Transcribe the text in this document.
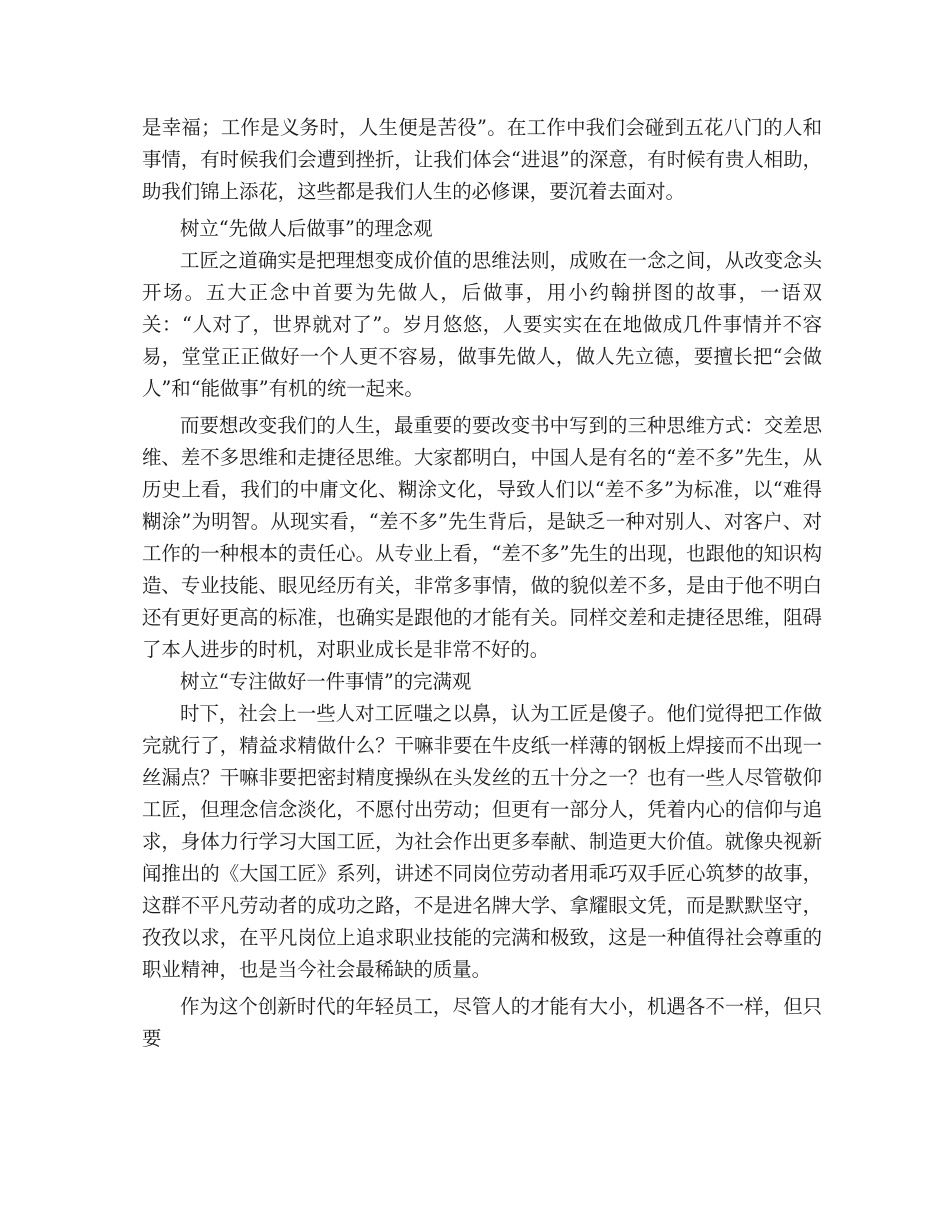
是幸福；工作是义务时，人生便是苦役”。在工作中我们会碰到五花八门的人和事情，有时候我们会遭到挫折，让我们体会“进退”的深意，有时候有贵人相助，助我们锦上添花，这些都是我们人生的必修课，要沉着去面对。

树立“先做人后做事”的理念观

工匠之道确实是把理想变成价值的思维法则，成败在一念之间，从改变念头开场。五大正念中首要为先做人，后做事，用小约翰拼图的故事，一语双关：“人对了，世界就对了”。岁月悠悠，人要实实在在地做成几件事情并不容易，堂堂正正做好一个人更不容易，做事先做人，做人先立德，要擅长把“会做人”和“能做事”有机的统一起来。

而要想改变我们的人生，最重要的要改变书中写到的三种思维方式：交差思维、差不多思维和走捷径思维。大家都明白，中国人是有名的“差不多”先生，从历史上看，我们的中庸文化、糊涂文化，导致人们以“差不多”为标准，以“难得糊涂”为明智。从现实看，“差不多”先生背后，是缺乏一种对别人、对客户、对工作的一种根本的责任心。从专业上看，“差不多”先生的出现，也跟他的知识构造、专业技能、眼见经历有关，非常多事情，做的貌似差不多，是由于他不明白还有更好更高的标准，也确实是跟他的才能有关。同样交差和走捷径思维，阻碍了本人进步的时机，对职业成长是非常不好的。

树立“专注做好一件事情”的完满观

时下，社会上一些人对工匠嗤之以鼻，认为工匠是傻子。他们觉得把工作做完就行了，精益求精做什么？干嘛非要在牛皮纸一样薄的钢板上焊接而不出现一丝漏点？干嘛非要把密封精度操纵在头发丝的五十分之一？也有一些人尽管敬仰工匠，但理念信念淡化，不愿付出劳动；但更有一部分人，凭着内心的信仰与追求，身体力行学习大国工匠，为社会作出更多奉献、制造更大价值。就像央视新闻推出的《大国工匠》系列，讲述不同岗位劳动者用乖巧双手匠心筑梦的故事，这群不平凡劳动者的成功之路，不是进名牌大学、拿耀眼文凭，而是默默坚守，孜孜以求，在平凡岗位上追求职业技能的完满和极致，这是一种值得社会尊重的职业精神，也是当今社会最稀缺的质量。

作为这个创新时代的年轻员工，尽管人的才能有大小，机遇各不一样，但只要
